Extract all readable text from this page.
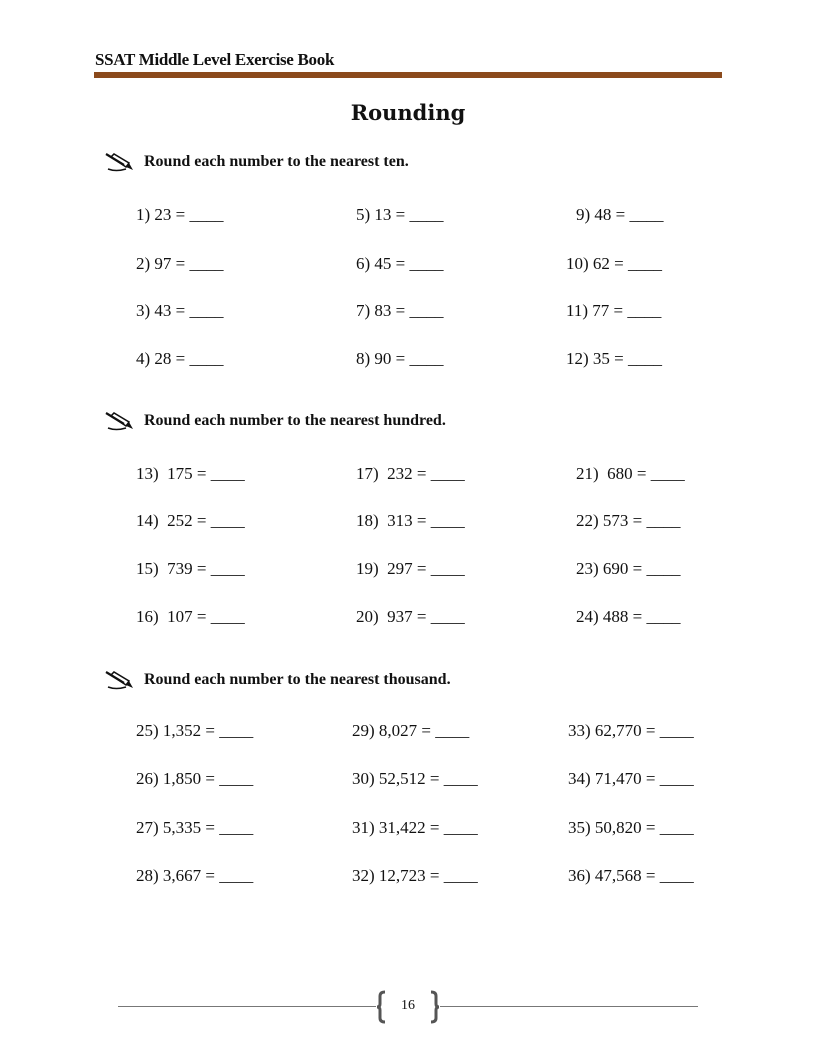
SSAT Middle Level Exercise Book
Rounding
Round each number to the nearest ten.
1) 23 = ____
2) 97 = ____
3) 43 = ____
4) 28 = ____
5) 13 = ____
6) 45 = ____
7) 83 = ____
8) 90 = ____
9) 48 = ____
10) 62 = ____
11) 77 = ____
12) 35 = ____
Round each number to the nearest hundred.
13)  175 = ____
14)  252 = ____
15)  739 = ____
16)  107 = ____
17)  232 = ____
18)  313 = ____
19)  297 = ____
20)  937 = ____
21)  680 = ____
22) 573 = ____
23) 690 = ____
24) 488 = ____
Round each number to the nearest thousand.
25) 1,352 = ____
26) 1,850 = ____
27) 5,335 = ____
28) 3,667 = ____
29) 8,027 = ____
30) 52,512 = ____
31) 31,422 = ____
32) 12,723 = ____
33) 62,770 = ____
34) 71,470 = ____
35) 50,820 = ____
36) 47,568 = ____
16
